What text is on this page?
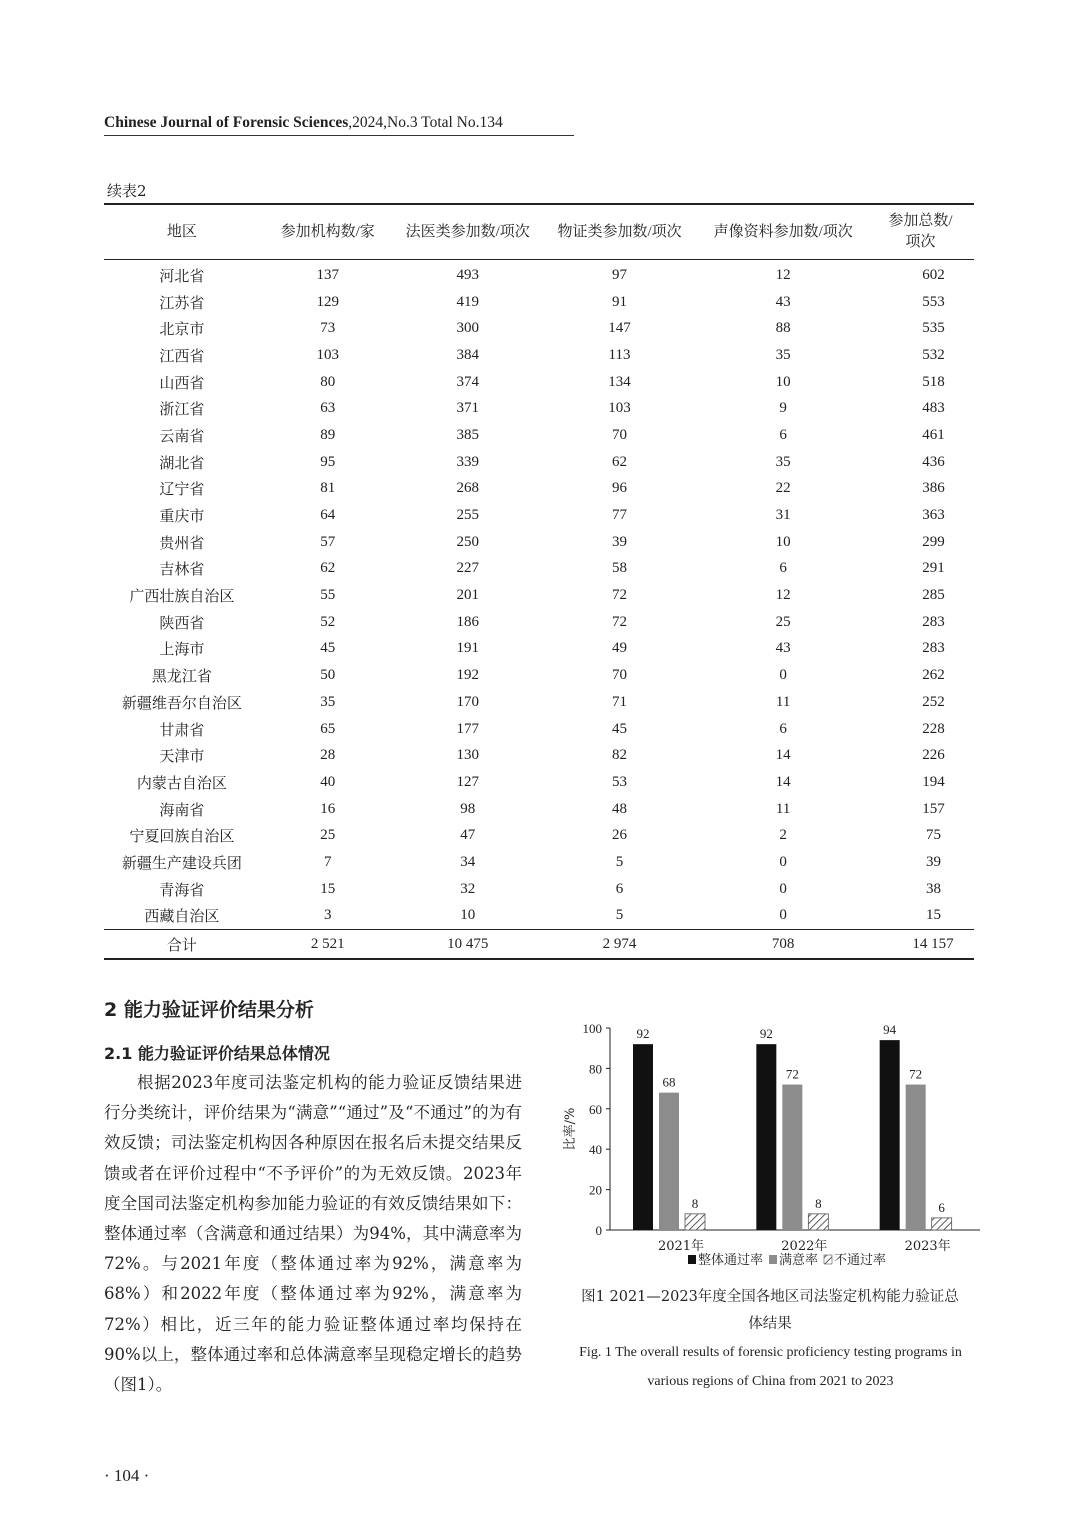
Chinese Journal of Forensic Sciences,2024,No.3 Total No.134
续表2
地区	参加机构数/家	法医类参加数/项次	物证类参加数/项次	声像资料参加数/项次	参加总数/
项次
河北省	137	493	97	12	602
江苏省	129	419	91	43	553
北京市	73	300	147	88	535
江西省	103	384	113	35	532
山西省	80	374	134	10	518
浙江省	63	371	103	9	483
云南省	89	385	70	6	461
湖北省	95	339	62	35	436
辽宁省	81	268	96	22	386
重庆市	64	255	77	31	363
贵州省	57	250	39	10	299
吉林省	62	227	58	6	291
广西壮族自治区	55	201	72	12	285
陕西省	52	186	72	25	283
上海市	45	191	49	43	283
黑龙江省	50	192	70	0	262
新疆维吾尔自治区	35	170	71	11	252
甘肃省	65	177	45	6	228
天津市	28	130	82	14	226
内蒙古自治区	40	127	53	14	194
海南省	16	98	48	11	157
宁夏回族自治区	25	47	26	2	75
新疆生产建设兵团	7	34	5	0	39
青海省	15	32	6	0	38
西藏自治区	3	10	5	0	15
合计	2 521	10 475	2 974	708	14 157
2 能力验证评价结果分析
2.1 能力验证评价结果总体情况
根据2023年度司法鉴定机构的能力验证反馈结果进行分类统计，评价结果为“满意”“通过”及“不通过”的为有效反馈；司法鉴定机构因各种原因在报名后未提交结果反馈或者在评价过程中“不予评价”的为无效反馈。2023年度全国司法鉴定机构参加能力验证的有效反馈结果如下：整体通过率（含满意和通过结果）为94%，其中满意率为72%。与2021年度（整体通过率为92%，满意率为68%）和2022年度（整体通过率为92%，满意率为72%）相比，近三年的能力验证整体通过率均保持在90%以上，整体通过率和总体满意率呈现稳定增长的趋势（图1）。
0
20
40
60
80
100
比率/%
92
68
8
2021年
92
72
8
2022年
94
72
6
2023年
整体通过率 满意率 不通过率
图1 2021—2023年度全国各地区司法鉴定机构能力验证总体结果
Fig. 1 The overall results of forensic proficiency testing programs in various regions of China from 2021 to 2023
· 104 ·
